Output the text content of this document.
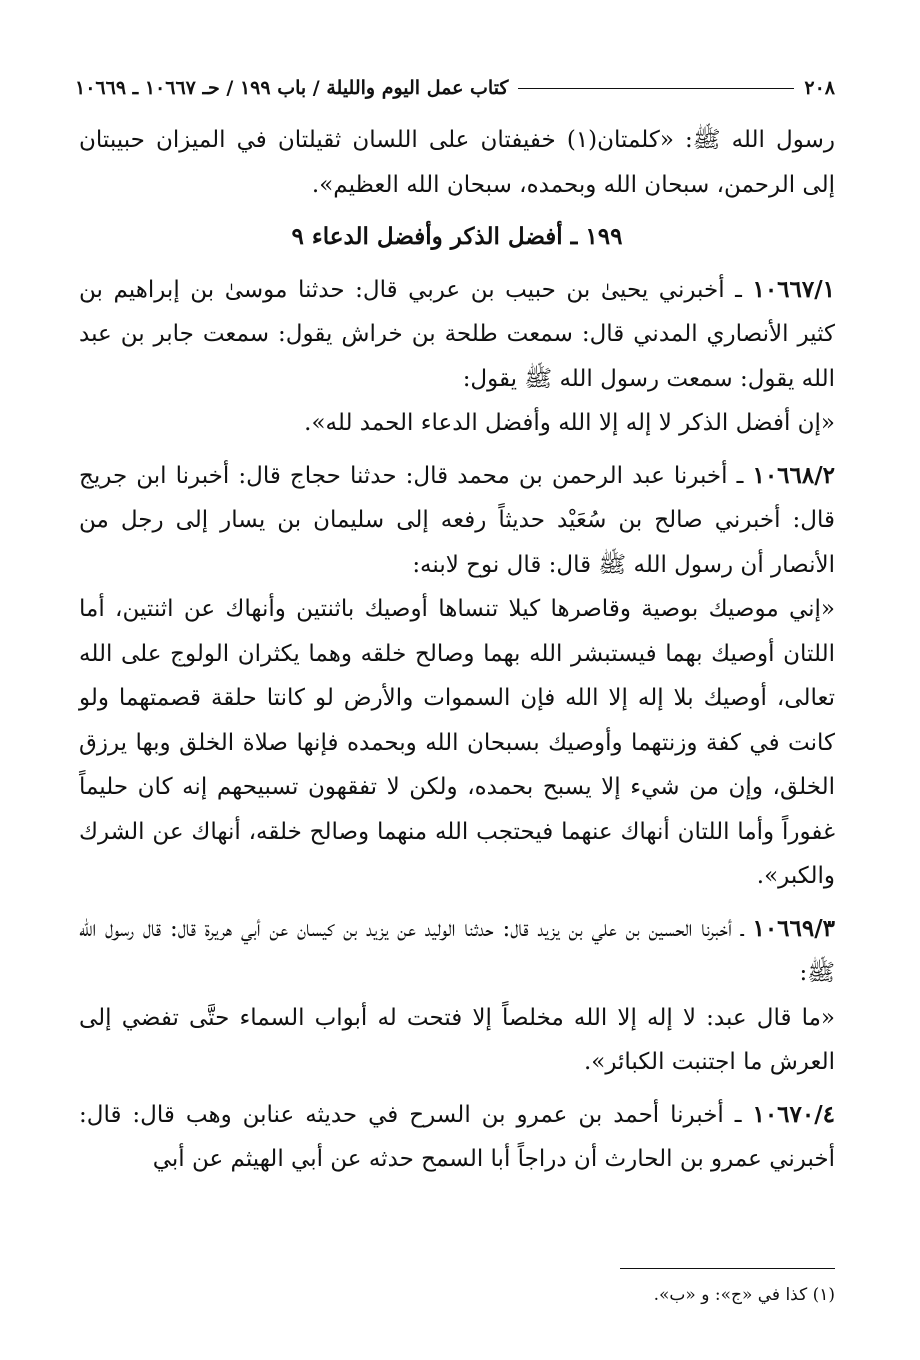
٢٠٨
كتاب عمل اليوم والليلة / باب ١٩٩ / حـ ١٠٦٦٧ ـ ١٠٦٦٩

رسول الله ﷺ: «كلمتان(١) خفيفتان على اللسان ثقيلتان في الميزان حبيبتان إلى الرحمن، سبحان الله وبحمده، سبحان الله العظيم».

١٩٩ ـ أفضل الذكر وأفضل الدعاء ٩

١٠٦٦٧/١ ـ أخبرني يحيىٰ بن حبيب بن عربي قال: حدثنا موسىٰ بن إبراهيم بن كثير الأنصاري المدني قال: سمعت طلحة بن خراش يقول: سمعت جابر بن عبد الله يقول: سمعت رسول الله ﷺ يقول:

«إن أفضل الذكر لا إله إلا الله وأفضل الدعاء الحمد لله».

١٠٦٦٨/٢ ـ أخبرنا عبد الرحمن بن محمد قال: حدثنا حجاج قال: أخبرنا ابن جريج قال: أخبرني صالح بن سُعَيْد حديثاً رفعه إلى سليمان بن يسار إلى رجل من الأنصار أن رسول الله ﷺ قال: قال نوح لابنه:

«إني موصيك بوصية وقاصرها كيلا تنساها أوصيك باثنتين وأنهاك عن اثنتين، أما اللتان أوصيك بهما فيستبشر الله بهما وصالح خلقه وهما يكثران الولوج على الله تعالى، أوصيك بلا إله إلا الله فإن السموات والأرض لو كانتا حلقة قصمتهما ولو كانت في كفة وزنتهما وأوصيك بسبحان الله وبحمده فإنها صلاة الخلق وبها يرزق الخلق، وإن من شيء إلا يسبح بحمده، ولكن لا تفقهون تسبيحهم إنه كان حليماً غفوراً وأما اللتان أنهاك عنهما فيحتجب الله منهما وصالح خلقه، أنهاك عن الشرك والكبر».

١٠٦٦٩/٣ ـ أخبرنا الحسين بن علي بن يزيد قال: حدثنا الوليد عن يزيد بن كيسان عن أبي هريرة قال: قال رسول الله ﷺ:

«ما قال عبد: لا إله إلا الله مخلصاً إلا فتحت له أبواب السماء حتَّى تفضي إلى العرش ما اجتنبت الكبائر».

١٠٦٧٠/٤ ـ أخبرنا أحمد بن عمرو بن السرح في حديثه عنابن وهب قال: قال: أخبرني عمرو بن الحارث أن دراجاً أبا السمح حدثه عن أبي الهيثم عن أبي

(١) كذا في «ج»: و «ب».
